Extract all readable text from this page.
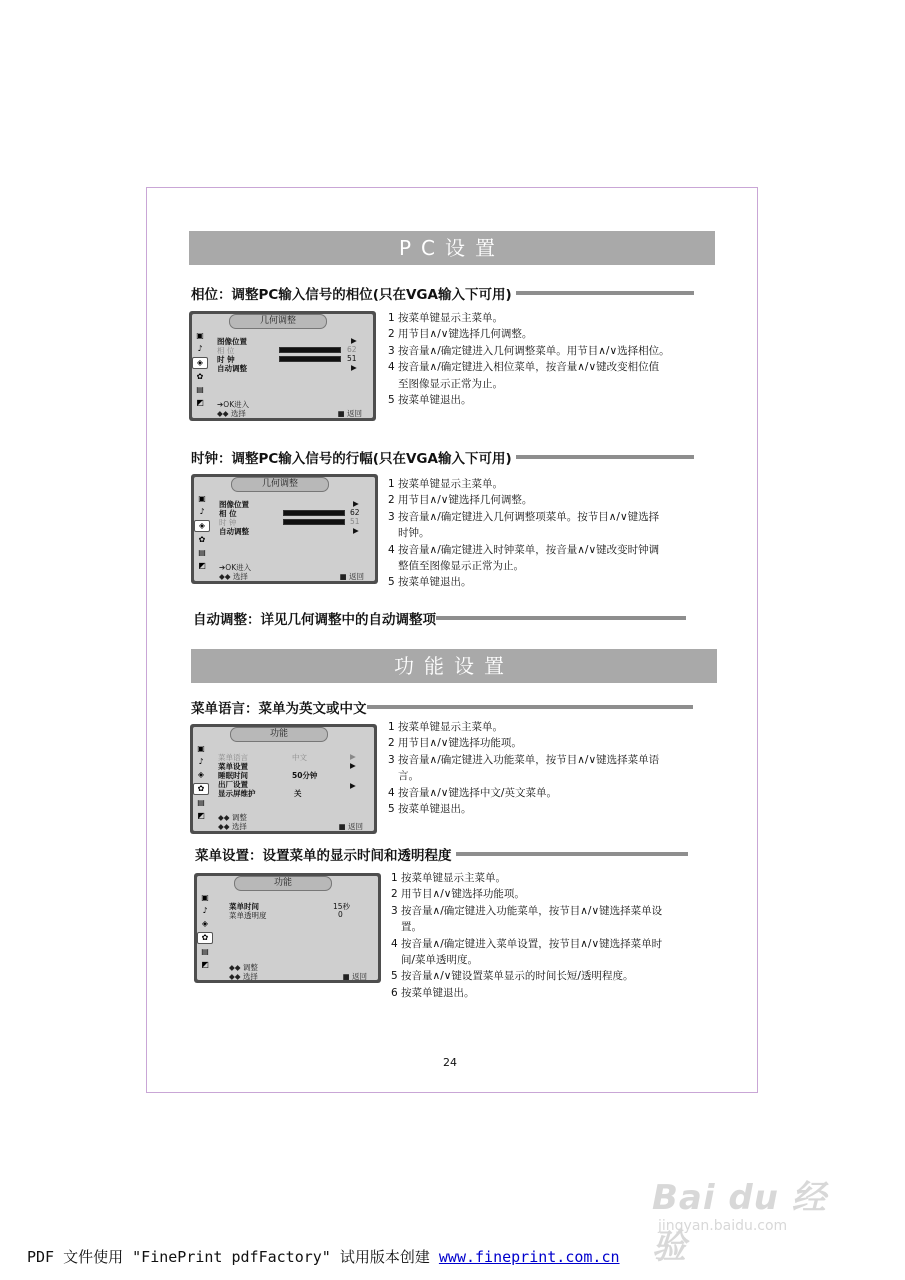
PC设置
相位：调整PC输入信号的相位(只在VGA输入下可用)
几何调整
▣
♪
◈
✿
▤
◩
图像位置	▶
相 位	62
时 钟	51
自动调整	▶
➔OK进入
◆◆ 选择	■ 返回
1 按菜单键显示主菜单。
2 用节目∧/∨键选择几何调整。
3 按音量∧/确定键进入几何调整菜单。用节目∧/∨选择相位。
4 按音量∧/确定键进入相位菜单，按音量∧/∨键改变相位值
至图像显示正常为止。
5 按菜单键退出。
时钟：调整PC输入信号的行幅(只在VGA输入下可用)
几何调整
▣
♪
◈
✿
▤
◩
图像位置	▶
相 位	62
时 钟	51
自动调整	▶
➔OK进入
◆◆ 选择	■ 返回
1 按菜单键显示主菜单。
2 用节目∧/∨键选择几何调整。
3 按音量∧/确定键进入几何调整项菜单。按节目∧/∨键选择
时钟。
4 按音量∧/确定键进入时钟菜单，按音量∧/∨键改变时钟调
整值至图像显示正常为止。
5 按菜单键退出。
自动调整：详见几何调整中的自动调整项
功能设置
菜单语言：菜单为英文或中文
功能
▣
♪
◈
✿
▤
◩
菜单语言	中文	▶
菜单设置	▶
睡眠时间	50分钟
出厂设置	▶
显示屏维护	关
◆◆ 调整
◆◆ 选择	■ 返回
1 按菜单键显示主菜单。
2 用节目∧/∨键选择功能项。
3 按音量∧/确定键进入功能菜单，按节目∧/∨键选择菜单语
言。
4 按音量∧/∨键选择中文/英文菜单。
5 按菜单键退出。
菜单设置：设置菜单的显示时间和透明程度
功能
▣
♪
◈
✿
▤
◩
菜单时间	15秒
菜单透明度	0
◆◆ 调整
◆◆ 选择	■ 返回
1 按菜单键显示主菜单。
2 用节目∧/∨键选择功能项。
3 按音量∧/确定键进入功能菜单，按节目∧/∨键选择菜单设
置。
4 按音量∧/确定键进入菜单设置，按节目∧/∨键选择菜单时
间/菜单透明度。
5 按音量∧/∨键设置菜单显示的时间长短/透明程度。
6 按菜单键退出。
24
Bai du 经验
jingyan.baidu.com
PDF 文件使用 "FinePrint pdfFactory" 试用版本创建 www.fineprint.com.cn
